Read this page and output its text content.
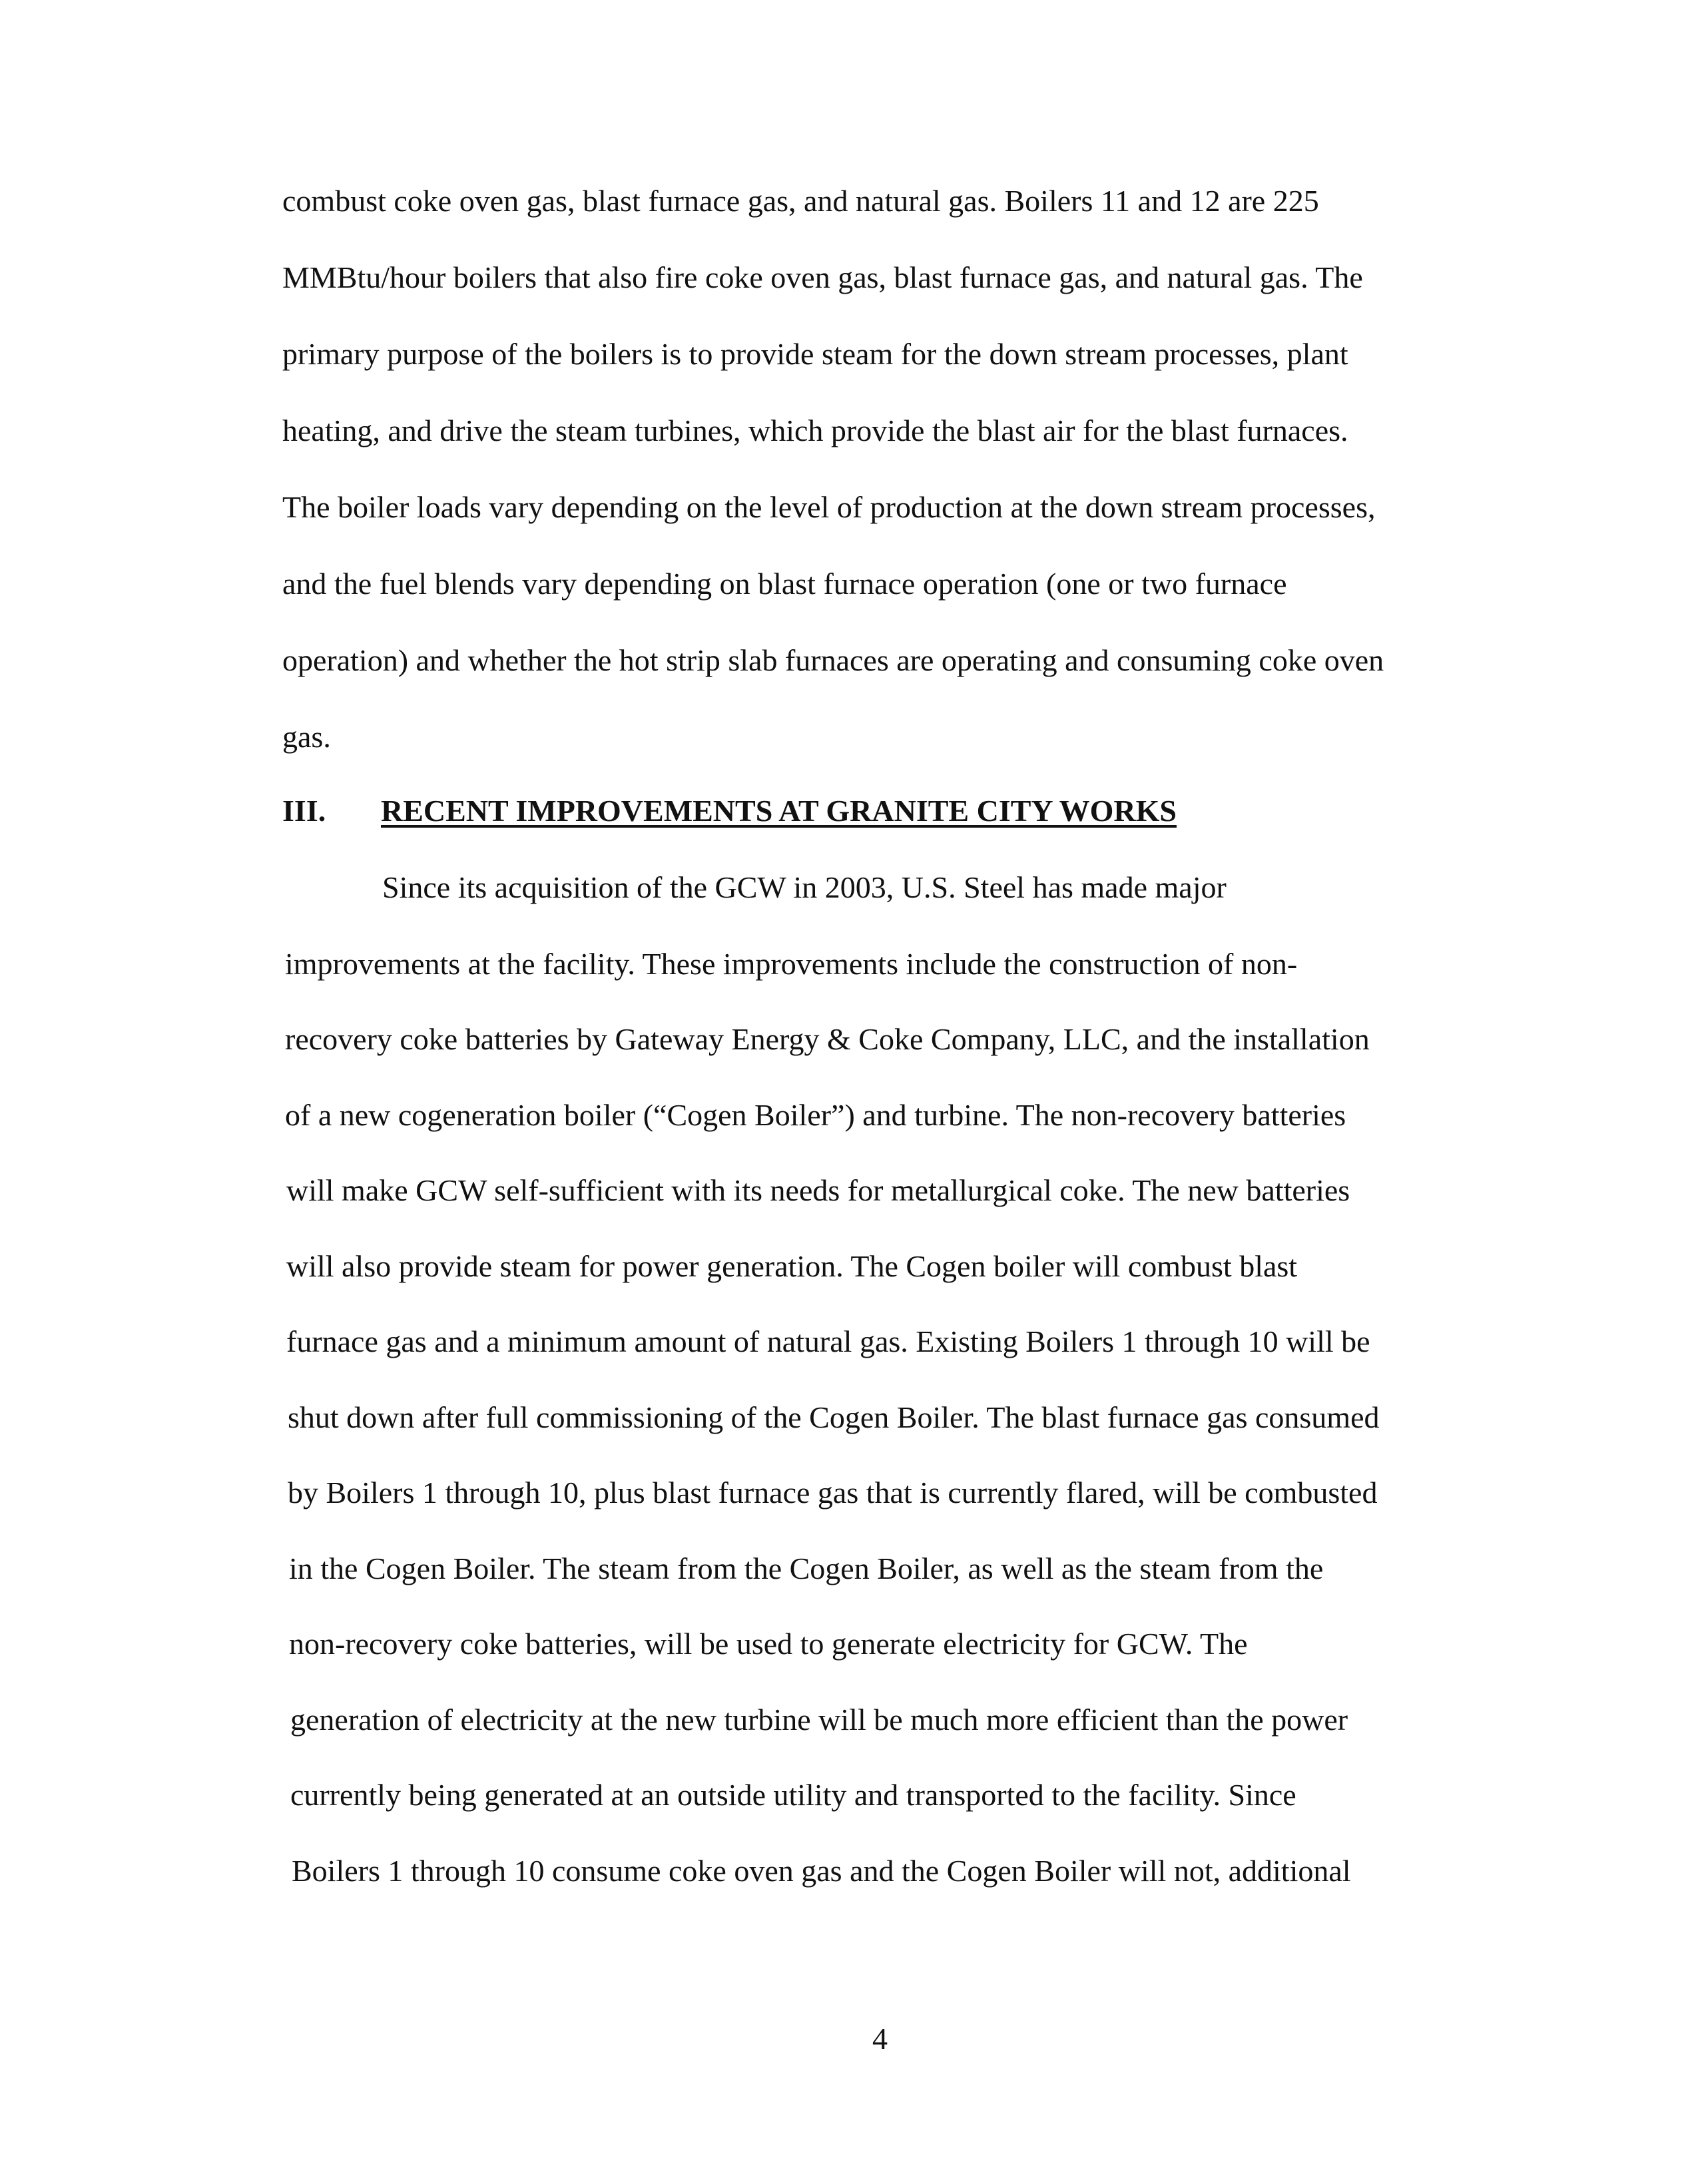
combust coke oven gas, blast furnace gas, and natural gas. Boilers 11 and 12 are 225
MMBtu/hour boilers that also fire coke oven gas, blast furnace gas, and natural gas. The
primary purpose of the boilers is to provide steam for the down stream processes, plant
heating, and drive the steam turbines, which provide the blast air for the blast furnaces.
The boiler loads vary depending on the level of production at the down stream processes,
and the fuel blends vary depending on blast furnace operation (one or two furnace
operation) and whether the hot strip slab furnaces are operating and consuming coke oven
gas.
III. RECENT IMPROVEMENTS AT GRANITE CITY WORKS
Since its acquisition of the GCW in 2003, U.S. Steel has made major
improvements at the facility. These improvements include the construction of non-
recovery coke batteries by Gateway Energy & Coke Company, LLC, and the installation
of a new cogeneration boiler (“Cogen Boiler”) and turbine. The non-recovery batteries
will make GCW self-sufficient with its needs for metallurgical coke. The new batteries
will also provide steam for power generation. The Cogen boiler will combust blast
furnace gas and a minimum amount of natural gas. Existing Boilers 1 through 10 will be
shut down after full commissioning of the Cogen Boiler. The blast furnace gas consumed
by Boilers 1 through 10, plus blast furnace gas that is currently flared, will be combusted
in the Cogen Boiler. The steam from the Cogen Boiler, as well as the steam from the
non-recovery coke batteries, will be used to generate electricity for GCW. The
generation of electricity at the new turbine will be much more efficient than the power
currently being generated at an outside utility and transported to the facility. Since
Boilers 1 through 10 consume coke oven gas and the Cogen Boiler will not, additional
4
